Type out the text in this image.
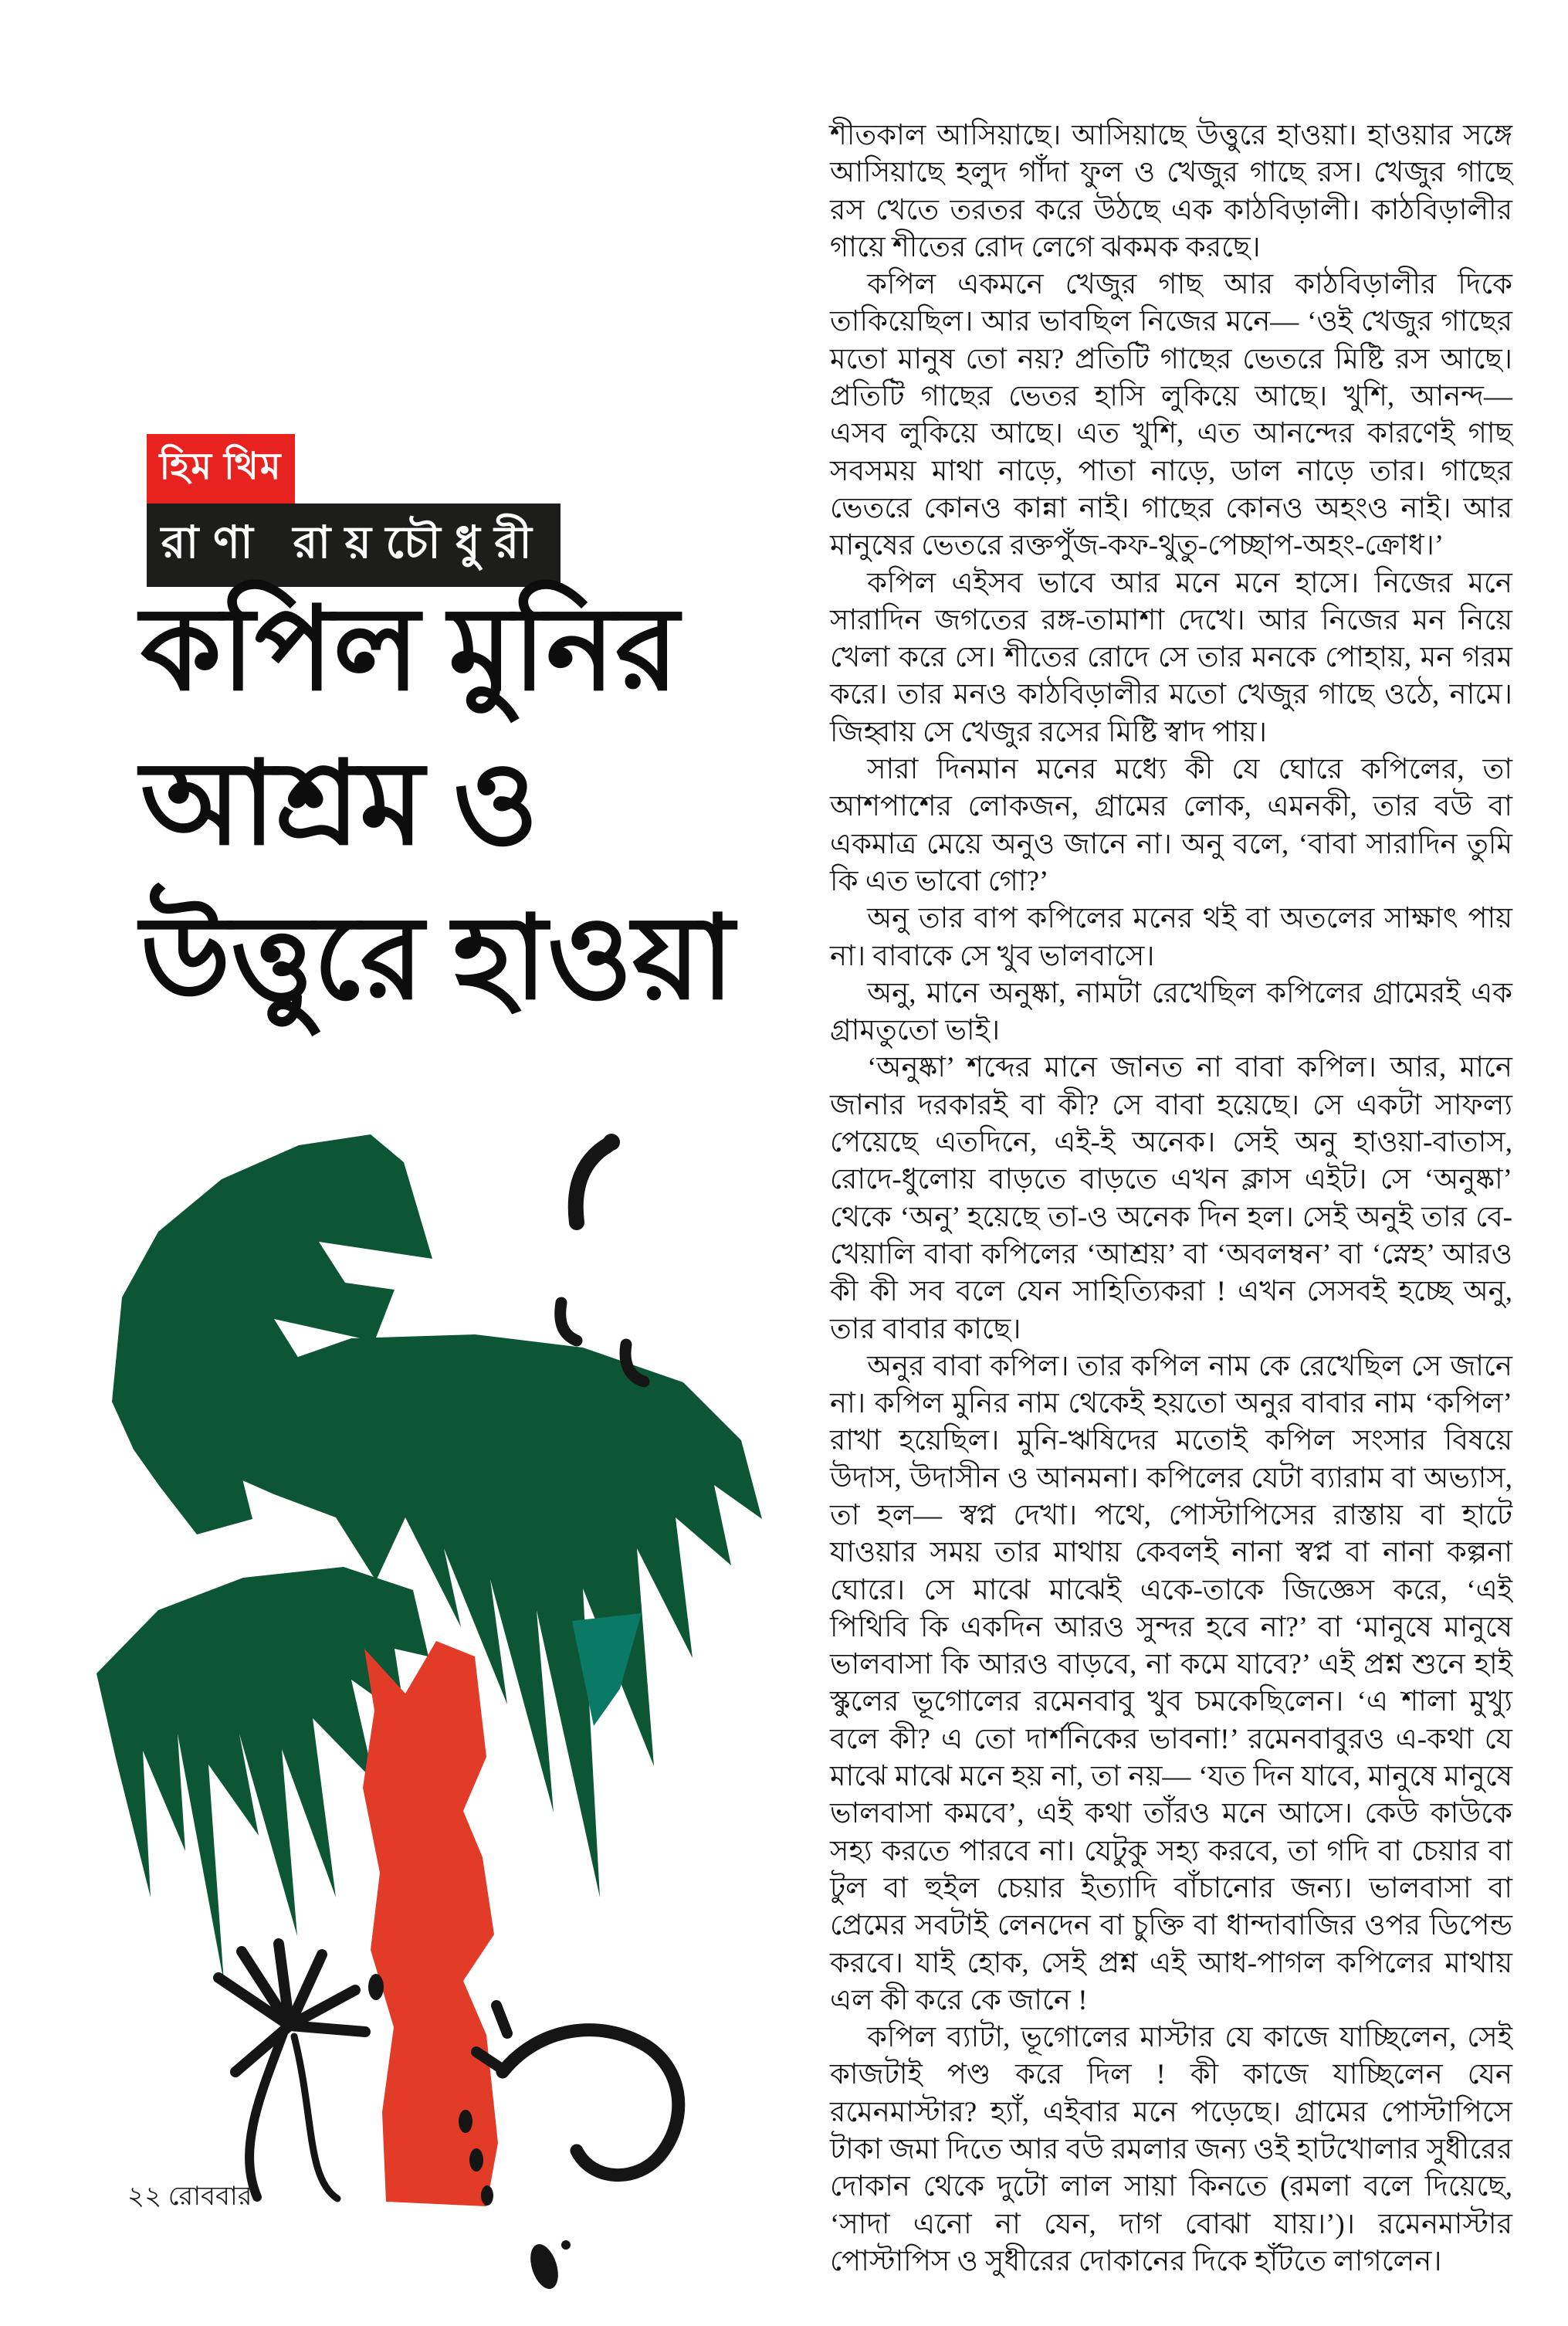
হিম থিম
রাণা রায়চৌধুরী
কপিল মুনির
আশ্রম ও
উত্তুরে হাওয়া

শীতকাল আসিয়াছে। আসিয়াছে উত্তুরে হাওয়া। হাওয়ার সঙ্গে আসিয়াছে হলুদ গাঁদা ফুল ও খেজুর গাছে রস। খেজুর গাছে রস খেতে তরতর করে উঠছে এক কাঠবিড়ালী। কাঠবিড়ালীর গায়ে শীতের রোদ লেগে ঝকমক করছে।

কপিল একমনে খেজুর গাছ আর কাঠবিড়ালীর দিকে তাকিয়েছিল। আর ভাবছিল নিজের মনে— ‘ওই খেজুর গাছের মতো মানুষ তো নয়? প্রতিটি গাছের ভেতরে মিষ্টি রস আছে। প্রতিটি গাছের ভেতর হাসি লুকিয়ে আছে। খুশি, আনন্দ— এসব লুকিয়ে আছে। এত খুশি, এত আনন্দের কারণেই গাছ সবসময় মাথা নাড়ে, পাতা নাড়ে, ডাল নাড়ে তার। গাছের ভেতরে কোনও কান্না নাই। গাছের কোনও অহংও নাই। আর মানুষের ভেতরে রক্তপুঁজ-কফ-থুতু-পেচ্ছাপ-অহং-ক্রোধ।’

কপিল এইসব ভাবে আর মনে মনে হাসে। নিজের মনে সারাদিন জগতের রঙ্গ-তামাশা দেখে। আর নিজের মন নিয়ে খেলা করে সে। শীতের রোদে সে তার মনকে পোহায়, মন গরম করে। তার মনও কাঠবিড়ালীর মতো খেজুর গাছে ওঠে, নামে। জিহ্বায় সে খেজুর রসের মিষ্টি স্বাদ পায়।

সারা দিনমান মনের মধ্যে কী যে ঘোরে কপিলের, তা আশপাশের লোকজন, গ্রামের লোক, এমনকী, তার বউ বা একমাত্র মেয়ে অনুও জানে না। অনু বলে, ‘বাবা সারাদিন তুমি কি এত ভাবো গো?’

অনু তার বাপ কপিলের মনের থই বা অতলের সাক্ষাৎ পায় না। বাবাকে সে খুব ভালবাসে।

অনু, মানে অনুষ্কা, নামটা রেখেছিল কপিলের গ্রামেরই এক গ্রামতুতো ভাই।

‘অনুষ্কা’ শব্দের মানে জানত না বাবা কপিল। আর, মানে জানার দরকারই বা কী? সে বাবা হয়েছে। সে একটা সাফল্য পেয়েছে এতদিনে, এই-ই অনেক। সেই অনু হাওয়া-বাতাস, রোদে-ধুলোয় বাড়তে বাড়তে এখন ক্লাস এইট। সে ‘অনুষ্কা’ থেকে ‘অনু’ হয়েছে তা-ও অনেক দিন হল। সেই অনুই তার বে-খেয়ালি বাবা কপিলের ‘আশ্রয়’ বা ‘অবলম্বন’ বা ‘স্নেহ’ আরও কী কী সব বলে যেন সাহিত্যিকরা ! এখন সেসবই হচ্ছে অনু, তার বাবার কাছে।

অনুর বাবা কপিল। তার কপিল নাম কে রেখেছিল সে জানে না। কপিল মুনির নাম থেকেই হয়তো অনুর বাবার নাম ‘কপিল’ রাখা হয়েছিল। মুনি-ঋষিদের মতোই কপিল সংসার বিষয়ে উদাস, উদাসীন ও আনমনা। কপিলের যেটা ব্যারাম বা অভ্যাস, তা হল— স্বপ্ন দেখা। পথে, পোস্টাপিসের রাস্তায় বা হাটে যাওয়ার সময় তার মাথায় কেবলই নানা স্বপ্ন বা নানা কল্পনা ঘোরে। সে মাঝে মাঝেই একে-তাকে জিজ্ঞেস করে, ‘এই পিথিবি কি একদিন আরও সুন্দর হবে না?’ বা ‘মানুষে মানুষে ভালবাসা কি আরও বাড়বে, না কমে যাবে?’ এই প্রশ্ন শুনে হাই স্কুলের ভূগোলের রমেনবাবু খুব চমকেছিলেন। ‘এ শালা মুখ্যু বলে কী? এ তো দার্শনিকের ভাবনা!’ রমেনবাবুরও এ-কথা যে মাঝে মাঝে মনে হয় না, তা নয়— ‘যত দিন যাবে, মানুষে মানুষে ভালবাসা কমবে’, এই কথা তাঁরও মনে আসে। কেউ কাউকে সহ্য করতে পারবে না। যেটুকু সহ্য করবে, তা গদি বা চেয়ার বা টুল বা হুইল চেয়ার ইত্যাদি বাঁচানোর জন্য। ভালবাসা বা প্রেমের সবটাই লেনদেন বা চুক্তি বা ধান্দাবাজির ওপর ডিপেন্ড করবে। যাই হোক, সেই প্রশ্ন এই আধ-পাগল কপিলের মাথায় এল কী করে কে জানে !

কপিল ব্যাটা, ভূগোলের মাস্টার যে কাজে যাচ্ছিলেন, সেই কাজটাই পণ্ড করে দিল ! কী কাজে যাচ্ছিলেন যেন রমেনমাস্টার? হ্যাঁ, এইবার মনে পড়েছে। গ্রামের পোস্টাপিসে টাকা জমা দিতে আর বউ রমলার জন্য ওই হাটখোলার সুধীরের দোকান থেকে দুটো লাল সায়া কিনতে (রমলা বলে দিয়েছে, ‘সাদা এনো না যেন, দাগ বোঝা যায়।’)। রমেনমাস্টার পোস্টাপিস ও সুধীরের দোকানের দিকে হাঁটতে লাগলেন।

২২ রোববার
